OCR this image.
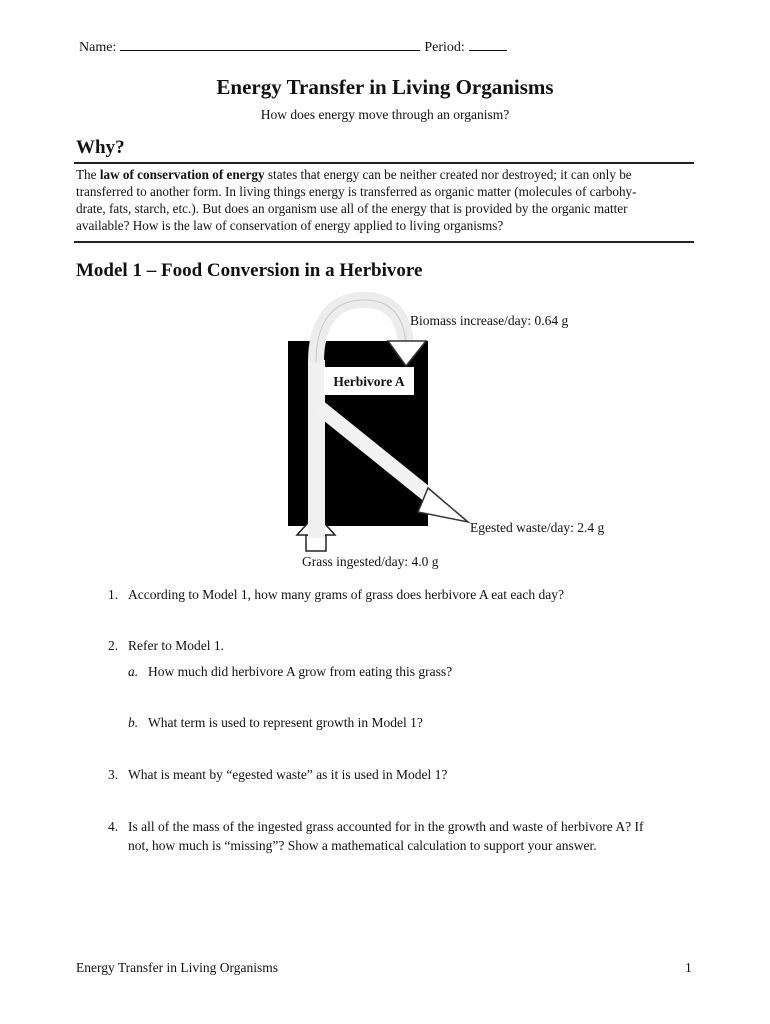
Name:	Period:
Energy Transfer in Living Organisms
How does energy move through an organism?
Why?
The law of conservation of energy states that energy can be neither created nor destroyed; it can only be
transferred to another form. In living things energy is transferred as organic matter (molecules of carbohy-
drate, fats, starch, etc.). But does an organism use all of the energy that is provided by the organic matter
available? How is the law of conservation of energy applied to living organisms?
Model 1 – Food Conversion in a Herbivore
Herbivore A
Biomass increase/day: 0.64 g
Egested waste/day: 2.4 g
Grass ingested/day: 4.0 g
1. According to Model 1, how many grams of grass does herbivore A eat each day?
2. Refer to Model 1.
a. How much did herbivore A grow from eating this grass?
b. What term is used to represent growth in Model 1?
3. What is meant by “egested waste” as it is used in Model 1?
4. Is all of the mass of the ingested grass accounted for in the growth and waste of herbivore A? If
not, how much is “missing”? Show a mathematical calculation to support your answer.
Energy Transfer in Living Organisms	1
